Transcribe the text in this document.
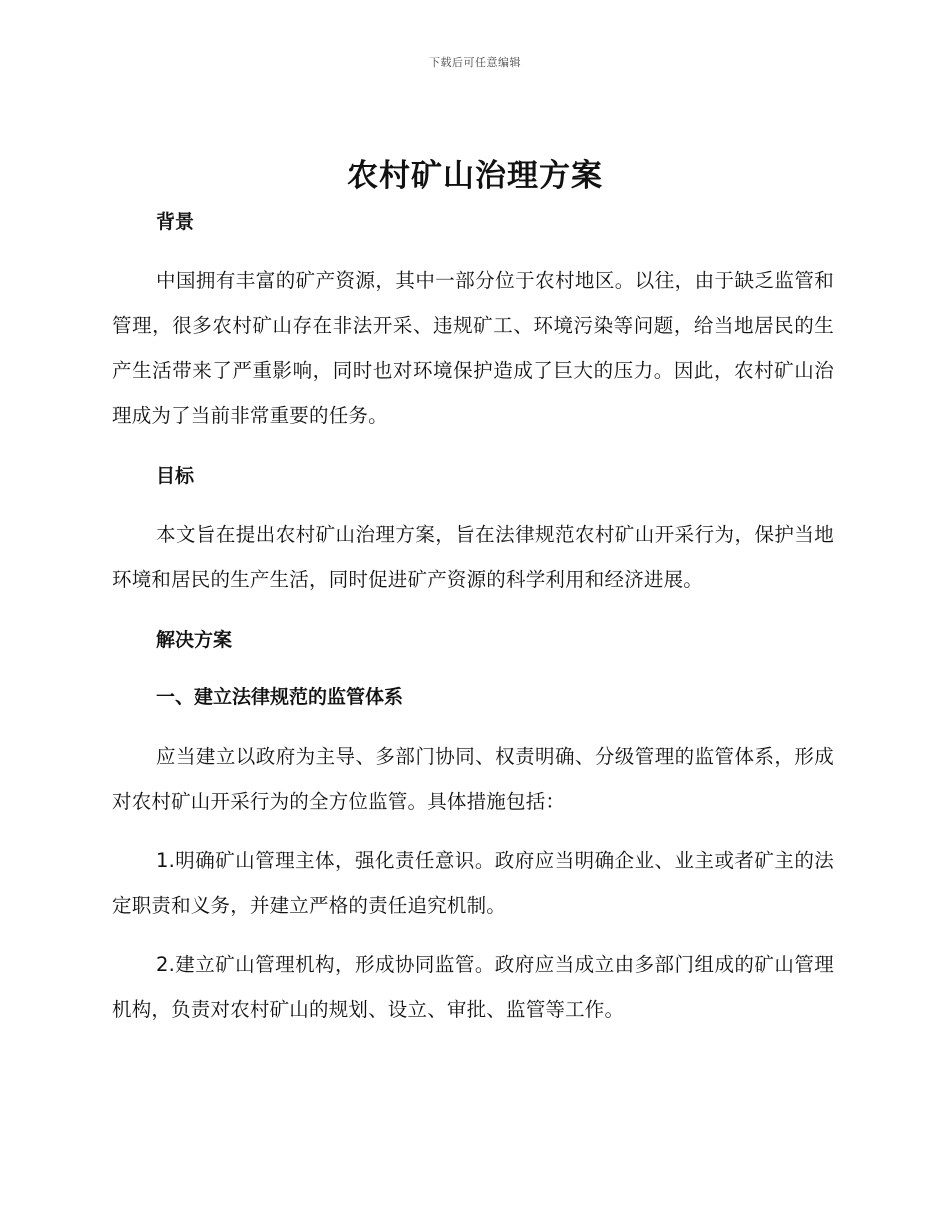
下载后可任意编辑
农村矿山治理方案

背景

中国拥有丰富的矿产资源，其中一部分位于农村地区。以往，由于缺乏监管和管理，很多农村矿山存在非法开采、违规矿工、环境污染等问题，给当地居民的生产生活带来了严重影响，同时也对环境保护造成了巨大的压力。因此，农村矿山治理成为了当前非常重要的任务。

目标

本文旨在提出农村矿山治理方案，旨在法律规范农村矿山开采行为，保护当地环境和居民的生产生活，同时促进矿产资源的科学利用和经济进展。

解决方案

一、建立法律规范的监管体系

应当建立以政府为主导、多部门协同、权责明确、分级管理的监管体系，形成对农村矿山开采行为的全方位监管。具体措施包括：

1.明确矿山管理主体，强化责任意识。政府应当明确企业、业主或者矿主的法定职责和义务，并建立严格的责任追究机制。

2.建立矿山管理机构，形成协同监管。政府应当成立由多部门组成的矿山管理机构，负责对农村矿山的规划、设立、审批、监管等工作。
